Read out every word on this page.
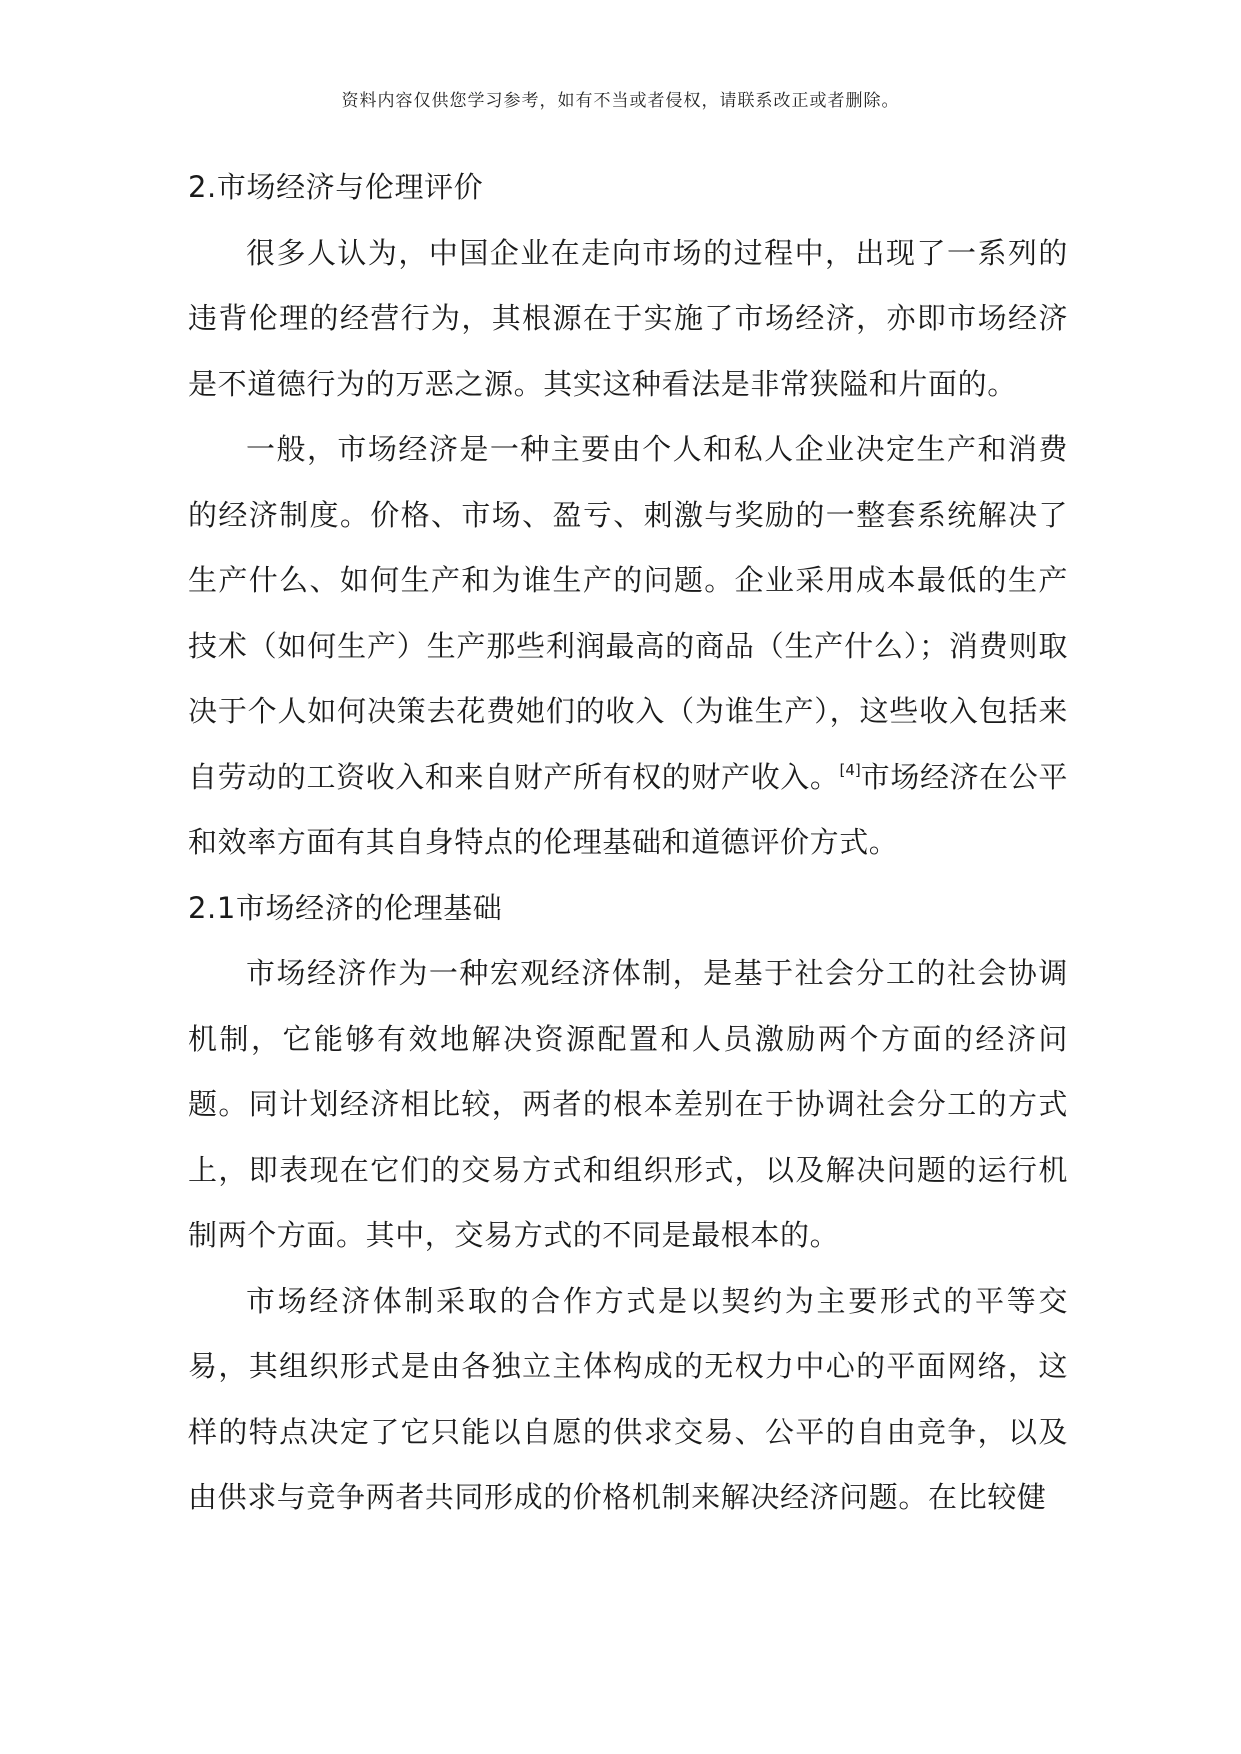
资料内容仅供您学习参考，如有不当或者侵权，请联系改正或者删除。
2.市场经济与伦理评价

很多人认为，中国企业在走向市场的过程中，出现了一系列的违背伦理的经营行为，其根源在于实施了市场经济，亦即市场经济是不道德行为的万恶之源。其实这种看法是非常狭隘和片面的。

一般，市场经济是一种主要由个人和私人企业决定生产和消费的经济制度。价格、市场、盈亏、刺激与奖励的一整套系统解决了生产什么、如何生产和为谁生产的问题。企业采用成本最低的生产技术（如何生产）生产那些利润最高的商品（生产什么）；消费则取决于个人如何决策去花费她们的收入（为谁生产），这些收入包括来自劳动的工资收入和来自财产所有权的财产收入。[4]市场经济在公平和效率方面有其自身特点的伦理基础和道德评价方式。

2.1市场经济的伦理基础

市场经济作为一种宏观经济体制，是基于社会分工的社会协调机制，它能够有效地解决资源配置和人员激励两个方面的经济问题。同计划经济相比较，两者的根本差别在于协调社会分工的方式上，即表现在它们的交易方式和组织形式，以及解决问题的运行机制两个方面。其中，交易方式的不同是最根本的。

市场经济体制采取的合作方式是以契约为主要形式的平等交易，其组织形式是由各独立主体构成的无权力中心的平面网络，这样的特点决定了它只能以自愿的供求交易、公平的自由竞争，以及由供求与竞争两者共同形成的价格机制来解决经济问题。在比较健
